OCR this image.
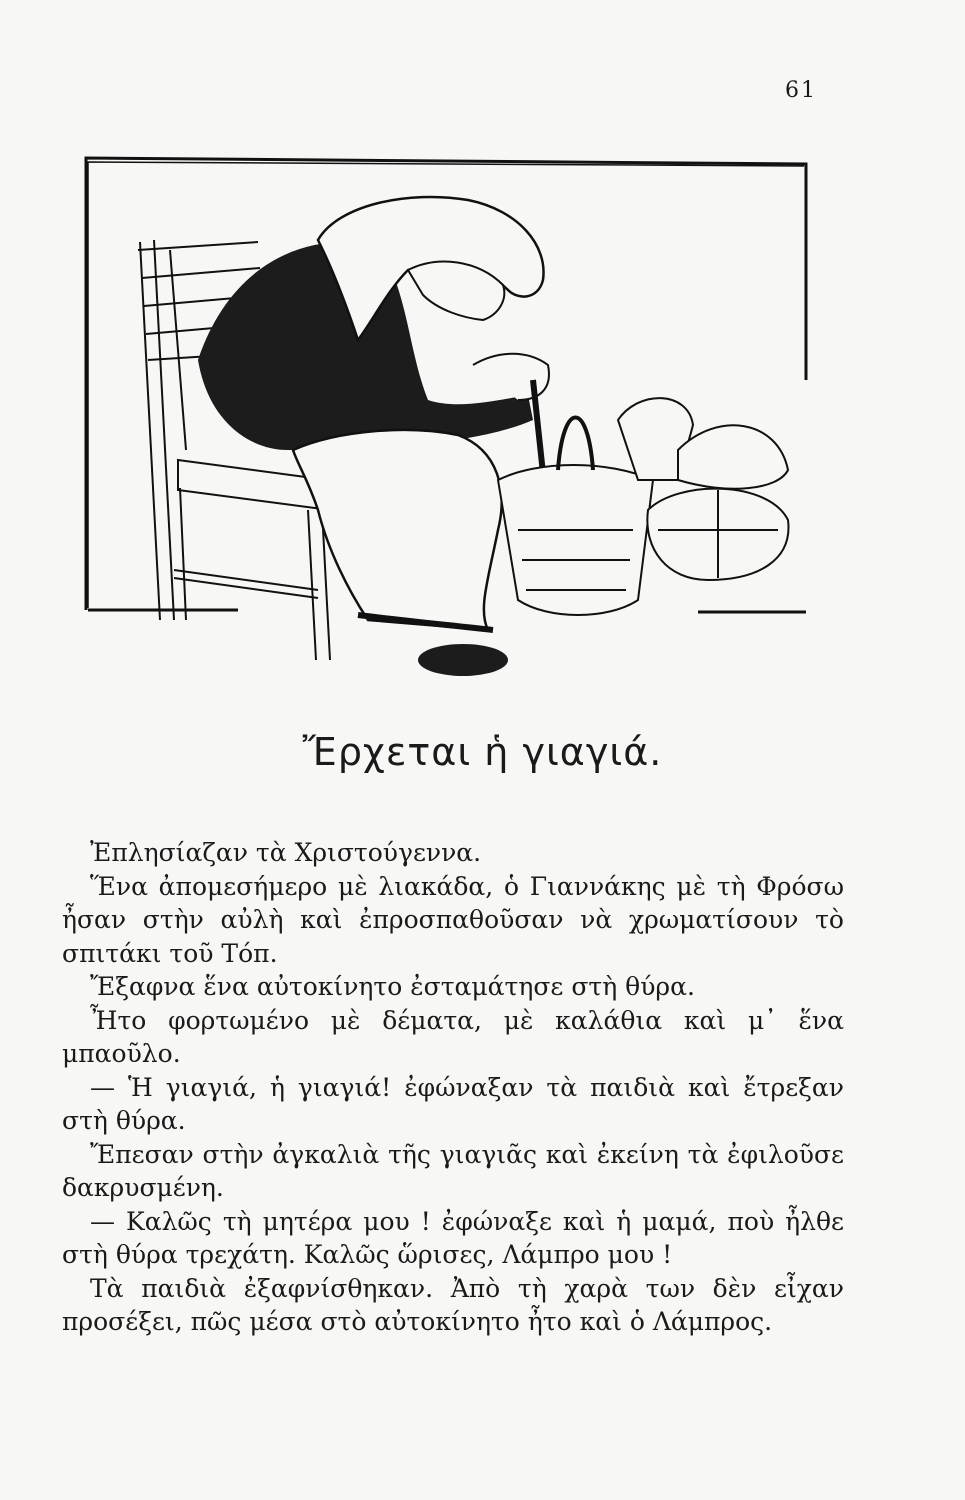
61
Ἔρχεται ἡ γιαγιά.

Ἐπλησίαζαν τὰ Χριστούγεννα.

Ἕνα ἀπομεσήμερο μὲ λιακάδα, ὁ Γιαννάκης μὲ τὴ Φρόσω ἦσαν στὴν αὐλὴ καὶ ἐπροσπαθοῦσαν νὰ χρωματίσουν τὸ σπιτάκι τοῦ Τόπ.

Ἔξαφνα ἕνα αὐτοκίνητο ἐσταμάτησε στὴ θύρα.

Ἦτο φορτωμένο μὲ δέματα, μὲ καλάθια καὶ μ᾿ ἕνα μπαοῦλο.

— Ἡ γιαγιά, ἡ γιαγιά! ἐφώναξαν τὰ παιδιὰ καὶ ἔτρεξαν στὴ θύρα.

Ἔπεσαν στὴν ἀγκαλιὰ τῆς γιαγιᾶς καὶ ἐκείνη τὰ ἐφιλοῦσε δακρυσμένη.

— Καλῶς τὴ μητέρα μου ! ἐφώναξε καὶ ἡ μαμά, ποὺ ἦλθε στὴ θύρα τρεχάτη. Καλῶς ὥρισες, Λάμπρο μου !

Τὰ παιδιὰ ἐξαφνίσθηκαν. Ἀπὸ τὴ χαρὰ των δὲν εἶχαν προσέξει, πῶς μέσα στὸ αὐτοκίνητο ἦτο καὶ ὁ Λάμπρος.
